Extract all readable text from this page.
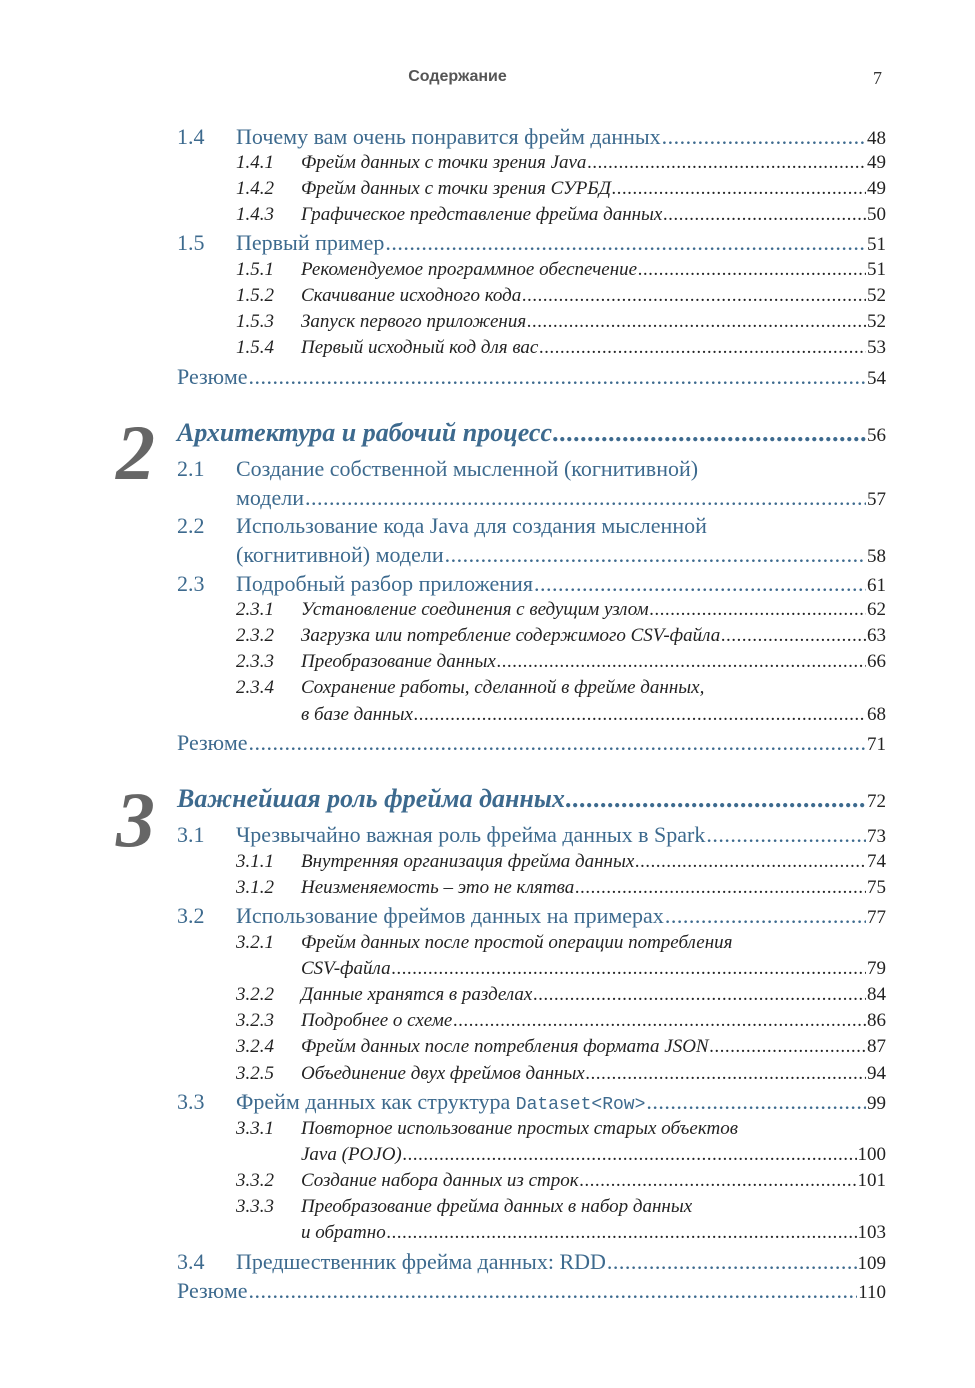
Содержание	7
1.4 Почему вам очень понравится фрейм данных .....	48
1.4.1 Фрейм данных с точки зрения Java .....	49
1.4.2 Фрейм данных с точки зрения СУРБД .....	49
1.4.3 Графическое представление фрейма данных .....	50
1.5 Первый пример .....	51
1.5.1 Рекомендуемое программное обеспечение .....	51
1.5.2 Скачивание исходного кода .....	52
1.5.3 Запуск первого приложения .....	52
1.5.4 Первый исходный код для вас .....	53
Резюме .....	54
2 Архитектура и рабочий процесс .....	56
2.1 Создание собственной мысленной (когнитивной)
модели .....	57
2.2 Использование кода Java для создания мысленной
(когнитивной) модели .....	58
2.3 Подробный разбор приложения .....	61
2.3.1 Установление соединения с ведущим узлом .....	62
2.3.2 Загрузка или потребление содержимого CSV-файла .....	63
2.3.3 Преобразование данных .....	66
2.3.4 Сохранение работы, сделанной в фрейме данных,
в базе данных .....	68
Резюме .....	71
3 Важнейшая роль фрейма данных .....	72
3.1 Чрезвычайно важная роль фрейма данных в Spark .....	73
3.1.1 Внутренняя организация фрейма данных .....	74
3.1.2 Неизменяемость – это не клятва .....	75
3.2 Использование фреймов данных на примерах .....	77
3.2.1 Фрейм данных после простой операции потребления
CSV-файла .....	79
3.2.2 Данные хранятся в разделах .....	84
3.2.3 Подробнее о схеме .....	86
3.2.4 Фрейм данных после потребления формата JSON .....	87
3.2.5 Объединение двух фреймов данных .....	94
3.3 Фрейм данных как структура Dataset<Row> .....	99
3.3.1 Повторное использование простых старых объектов
Java (POJO) .....	100
3.3.2 Создание набора данных из строк .....	101
3.3.3 Преобразование фрейма данных в набор данных
и обратно .....	103
3.4 Предшественник фрейма данных: RDD .....	109
Резюме .....	110
